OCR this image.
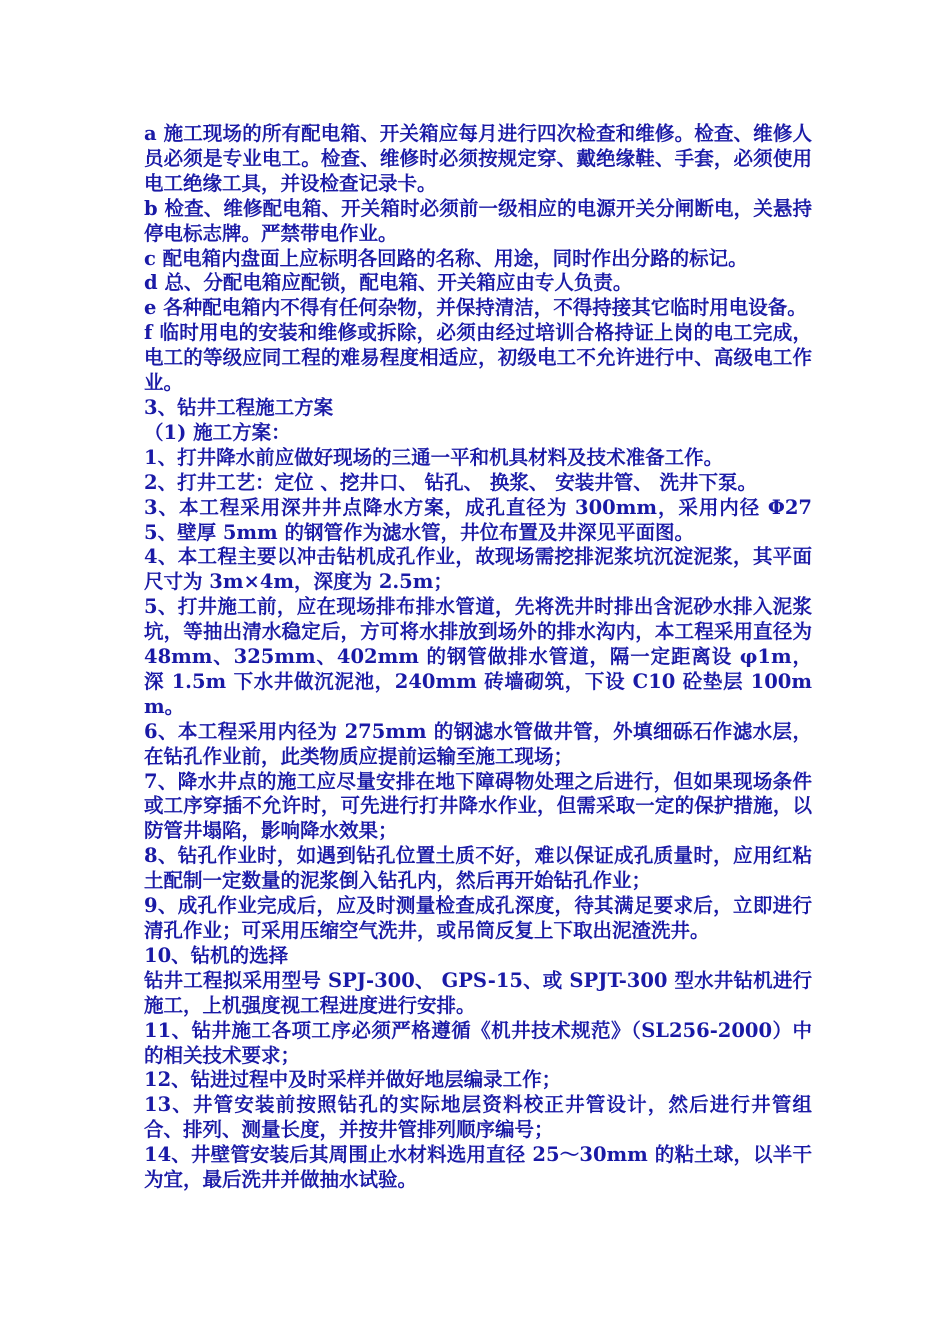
a 施工现场的所有配电箱、开关箱应每月进行四次检查和维修。检查、维修人员必须是专业电工。检查、维修时必须按规定穿、戴绝缘鞋、手套，必须使用电工绝缘工具，并设检查记录卡。

b 检查、维修配电箱、开关箱时必须前一级相应的电源开关分闸断电，关悬持停电标志牌。严禁带电作业。

c 配电箱内盘面上应标明各回路的名称、用途，同时作出分路的标记。

d 总、分配电箱应配锁，配电箱、开关箱应由专人负责。

e 各种配电箱内不得有任何杂物，并保持清洁，不得持接其它临时用电设备。

f 临时用电的安装和维修或拆除，必须由经过培训合格持证上岗的电工完成，电工的等级应同工程的难易程度相适应，初级电工不允许进行中、高级电工作业。

3、钻井工程施工方案

（1) 施工方案：

1、打井降水前应做好现场的三通一平和机具材料及技术准备工作。

2、打井工艺：定位 、挖井口、 钻孔、 换浆、 安装井管、 洗井下泵。

3、本工程采用深井井点降水方案，成孔直径为 300mm，采用内径 Φ275、壁厚 5mm 的钢管作为滤水管，井位布置及井深见平面图。

4、本工程主要以冲击钻机成孔作业，故现场需挖排泥浆坑沉淀泥浆，其平面尺寸为 3m×4m，深度为 2.5m；

5、打井施工前，应在现场排布排水管道，先将洗井时排出含泥砂水排入泥浆坑，等抽出清水稳定后，方可将水排放到场外的排水沟内，本工程采用直径为 48mm、325mm、402mm 的钢管做排水管道，隔一定距离设 φ1m，深 1.5m 下水井做沉泥池，240mm 砖墙砌筑，下设 C10 砼垫层 100mm。

6、本工程采用内径为 275mm 的钢滤水管做井管，外填细砾石作滤水层，在钻孔作业前，此类物质应提前运输至施工现场；

7、降水井点的施工应尽量安排在地下障碍物处理之后进行，但如果现场条件或工序穿插不允许时，可先进行打井降水作业，但需采取一定的保护措施，以防管井塌陷，影响降水效果；

8、钻孔作业时，如遇到钻孔位置土质不好，难以保证成孔质量时，应用红粘土配制一定数量的泥浆倒入钻孔内，然后再开始钻孔作业；

9、成孔作业完成后，应及时测量检查成孔深度，待其满足要求后，立即进行清孔作业；可采用压缩空气洗井，或吊筒反复上下取出泥渣洗井。

10、钻机的选择

钻井工程拟采用型号 SPJ-300、 GPS-15、或 SPJT-300 型水井钻机进行施工，上机强度视工程进度进行安排。

11、钻井施工各项工序必须严格遵循《机井技术规范》（SL256-2000）中的相关技术要求；

12、钻进过程中及时采样并做好地层编录工作；

13、井管安装前按照钻孔的实际地层资料校正井管设计，然后进行井管组合、排列、测量长度，并按井管排列顺序编号；

14、井壁管安装后其周围止水材料选用直径 25～30mm 的粘土球，以半干为宜，最后洗井并做抽水试验。
